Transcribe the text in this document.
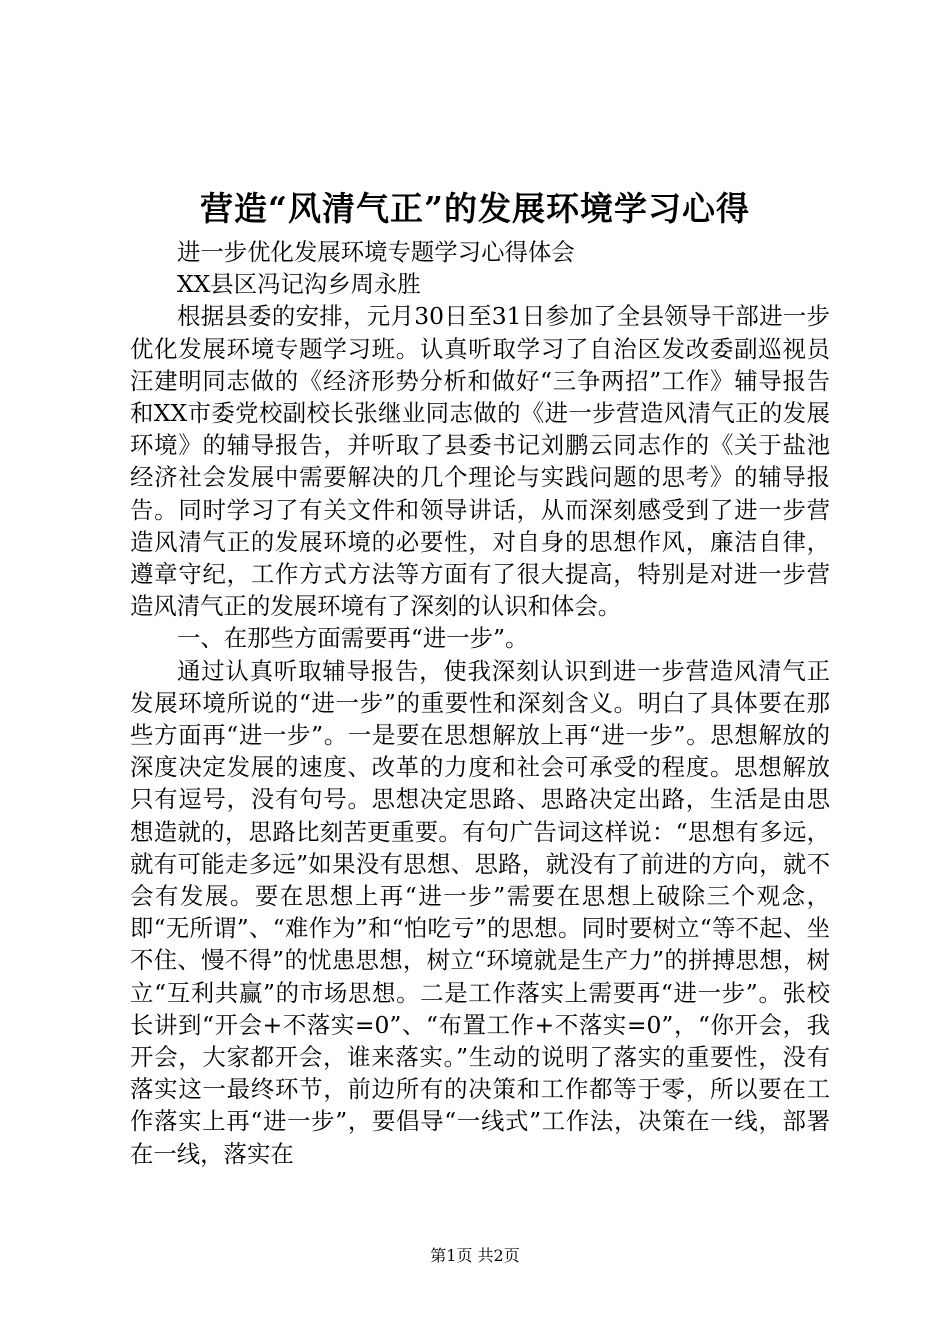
营造“风清气正”的发展环境学习心得

进一步优化发展环境专题学习心得体会

XX县区冯记沟乡周永胜

根据县委的安排，元月30日至31日参加了全县领导干部进一步优化发展环境专题学习班。认真听取学习了自治区发改委副巡视员汪建明同志做的《经济形势分析和做好“三争两招”工作》辅导报告和XX市委党校副校长张继业同志做的《进一步营造风清气正的发展环境》的辅导报告，并听取了县委书记刘鹏云同志作的《关于盐池经济社会发展中需要解决的几个理论与实践问题的思考》的辅导报告。同时学习了有关文件和领导讲话，从而深刻感受到了进一步营造风清气正的发展环境的必要性，对自身的思想作风，廉洁自律，遵章守纪，工作方式方法等方面有了很大提高，特别是对进一步营造风清气正的发展环境有了深刻的认识和体会。

一、在那些方面需要再“进一步”。

通过认真听取辅导报告，使我深刻认识到进一步营造风清气正发展环境所说的“进一步”的重要性和深刻含义。明白了具体要在那些方面再“进一步”。一是要在思想解放上再“进一步”。思想解放的深度决定发展的速度、改革的力度和社会可承受的程度。思想解放只有逗号，没有句号。思想决定思路、思路决定出路，生活是由思想造就的，思路比刻苦更重要。有句广告词这样说：“思想有多远，就有可能走多远”如果没有思想、思路，就没有了前进的方向，就不会有发展。要在思想上再“进一步”需要在思想上破除三个观念，即“无所谓”、“难作为”和“怕吃亏”的思想。同时要树立“等不起、坐不住、慢不得”的忧患思想，树立“环境就是生产力”的拼搏思想，树立“互利共赢”的市场思想。二是工作落实上需要再“进一步”。张校长讲到“开会+不落实=0”、“布置工作+不落实=0”，“你开会，我开会，大家都开会，谁来落实。”生动的说明了落实的重要性，没有落实这一最终环节，前边所有的决策和工作都等于零，所以要在工作落实上再“进一步”，要倡导“一线式”工作法，决策在一线，部署在一线，落实在

第1页 共2页
